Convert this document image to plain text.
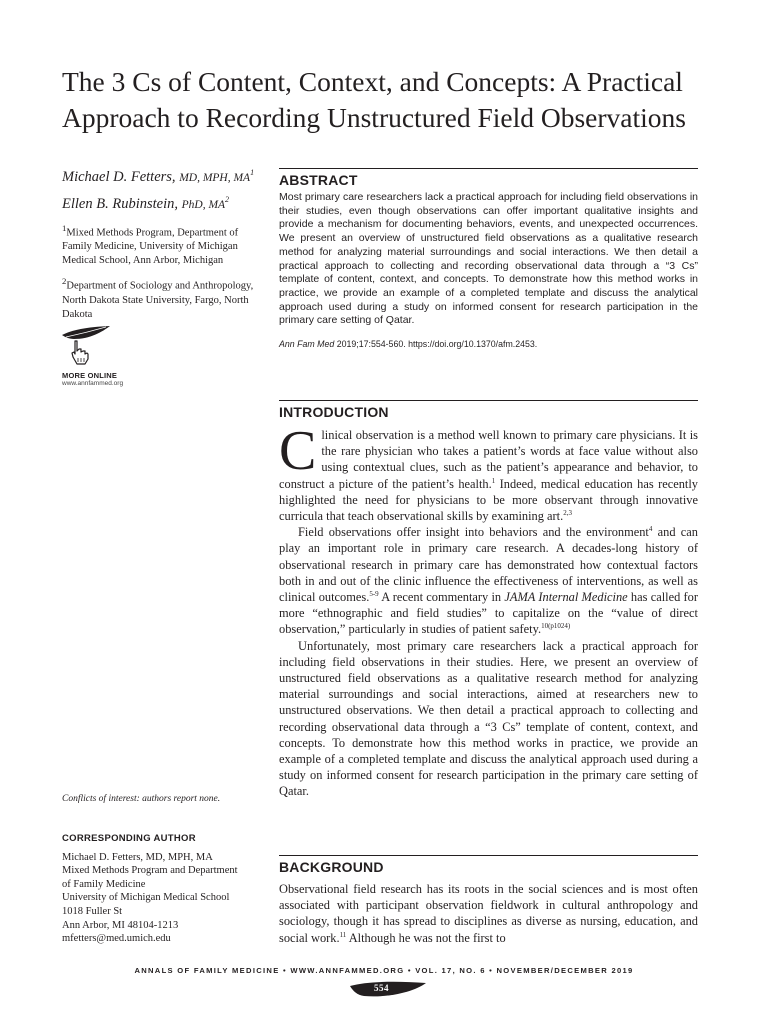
The 3 Cs of Content, Context, and Concepts: A Practical Approach to Recording Unstructured Field Observations

Michael D. Fetters, MD, MPH, $MA^1$

Ellen B. Rubinstein, PhD, $MA^2$

$^1$Mixed Methods Program, Department of Family Medicine, University of Michigan Medical School, Ann Arbor, Michigan

$^2$Department of Sociology and Anthropology, North Dakota State University, Fargo, North Dakota

MORE ONLINE
www.annfammed.org
Conflicts of interest: authors report none.
CORRESPONDING AUTHOR
Michael D. Fetters, MD, MPH, MA
Mixed Methods Program and Department
of Family Medicine
University of Michigan Medical School
1018 Fuller St
Ann Arbor, MI 48104-1213
mfetters@med.umich.edu
ABSTRACT

Most primary care researchers lack a practical approach for including field observations in their studies, even though observations can offer important qualitative insights and provide a mechanism for documenting behaviors, events, and unexpected occurrences. We present an overview of unstructured field observations as a qualitative research method for analyzing material surroundings and social interactions. We then detail a practical approach to collecting and recording observational data through a “3 Cs” template of content, context, and concepts. To demonstrate how this method works in practice, we provide an example of a completed template and discuss the analytical approach used during a study on informed consent for research participation in the primary care setting of Qatar.

Ann Fam Med 2019;17:554-560. https://doi.org/10.1370/afm.2453.

INTRODUCTION

Clinical observation is a method well known to primary care physicians. It is the rare physician who takes a patient’s words at face value without also using contextual clues, such as the patient’s appearance and behavior, to construct a picture of the patient’s health.$^1$ Indeed, medical education has recently highlighted the need for physicians to be more observant through innovative curricula that teach observational skills by examining art.$^{2,3}$

Field observations offer insight into behaviors and the environment$^4$ and can play an important role in primary care research. A decades-long history of observational research in primary care has demonstrated how contextual factors both in and out of the clinic influence the effectiveness of interventions, as well as clinical outcomes.$^{5-9}$ A recent commentary in JAMA Internal Medicine has called for more “ethnographic and field studies” to capitalize on the “value of direct observation,” particularly in studies of patient safety.$^{10(p1024)}$

Unfortunately, most primary care researchers lack a practical approach for including field observations in their studies. Here, we present an overview of unstructured field observations as a qualitative research method for analyzing material surroundings and social interactions, aimed at researchers new to unstructured observations. We then detail a practical approach to collecting and recording observational data through a “3 Cs” template of content, context, and concepts. To demonstrate how this method works in practice, we provide an example of a completed template and discuss the analytical approach used during a study on informed consent for research participation in the primary care setting of Qatar.

BACKGROUND

Observational field research has its roots in the social sciences and is most often associated with participant observation fieldwork in cultural anthropology and sociology, though it has spread to disciplines as diverse as nursing, education, and social work.$^{11}$ Although he was not the first to

ANNALS OF FAMILY MEDICINE • WWW.ANNFAMMED.ORG • VOL. 17, NO. 6 • NOVEMBER/DECEMBER 2019
554
